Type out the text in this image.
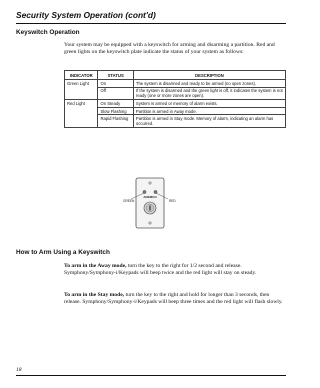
Security System Operation (cont'd)
Keyswitch Operation

Your system may be equipped with a keyswitch for arming and disarming a partition. Red and green lights on the keyswitch plate indicate the status of your system as follows:

INDICATOR	STATUS	DESCRIPTION
Green Light	On	The system is disarmed and ready to be armed (no open zones).
	Off	If the system is disarmed and the green light is off, it indicates the system is not ready (one or more zones are open).
Red Light	On Steady	System is armed or memory of alarm exists.
	Slow Flashing	Partition is armed in Away mode.
	Rapid Flashing	Partition is armed in Stay mode. Memory of alarm, indicating an alarm has occurred.
GREEN	RED
ADEMCO
How to Arm Using a Keyswitch

To arm in the Away mode, turn the key to the right for 1/2 second and release. Symphony/Symphony-i/Keypads will beep twice and the red light will stay on steady.

To arm in the Stay mode, turn the key to the right and hold for longer than 3 seconds, then release. Symphony/Symphony-i/Keypads will beep three times and the red light will flash slowly.

18
